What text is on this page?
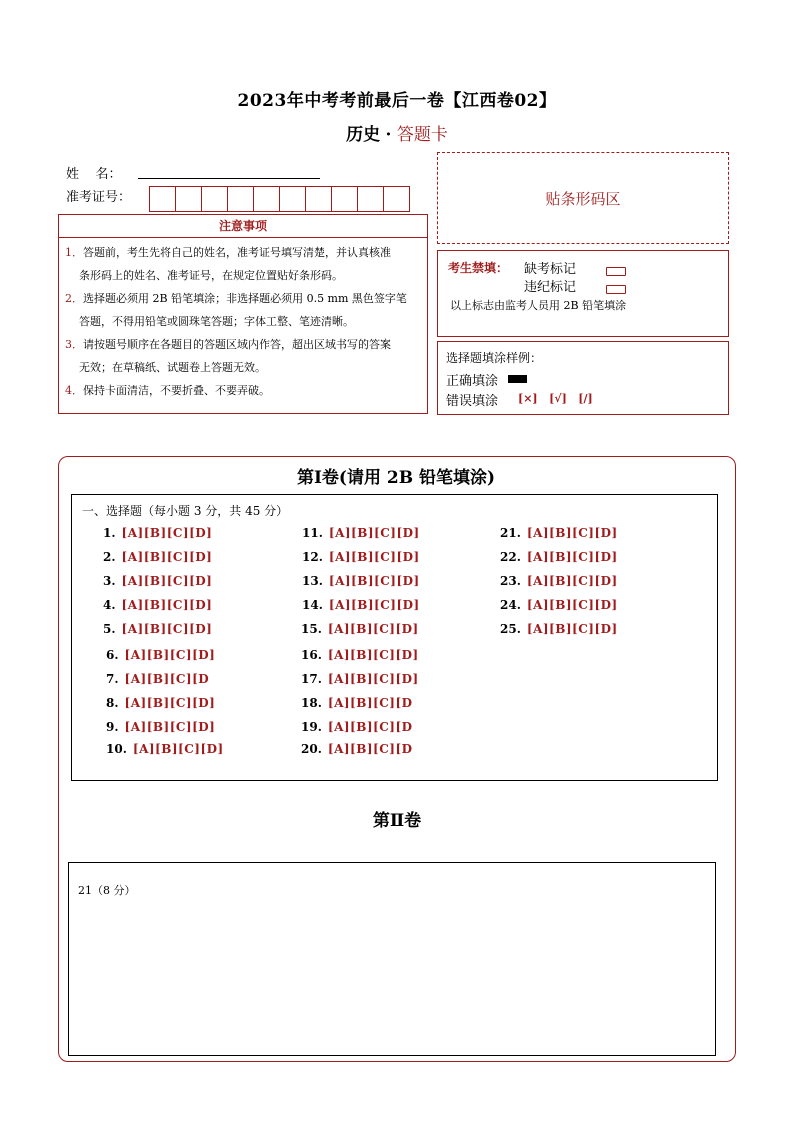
2023年中考考前最后一卷【江西卷02】
历史 · 答题卡
姓    名：
准考证号：	贴条形码区
注意事项
1．答题前，考生先将自己的姓名，准考证号填写清楚，并认真核准
条形码上的姓名、准考证号，在规定位置贴好条形码。
2．选择题必须用 2B 铅笔填涂；非选择题必须用 0.5 mm 黑色签字笔
答题，不得用铅笔或圆珠笔答题；字体工整、笔迹清晰。
3．请按题号顺序在各题目的答题区域内作答，超出区域书写的答案
无效；在草稿纸、试题卷上答题无效。
4．保持卡面清洁，不要折叠、不要弄破。
考生禁填： 缺考标记
违纪标记
以上标志由监考人员用 2B 铅笔填涂
选择题填涂样例：
正确填涂
错误填涂 [×] [√] [/]
第Ⅰ卷(请用 2B 铅笔填涂)
一、选择题（每小题 3 分，共 45 分）
1. [A][B][C][D]
2. [A][B][C][D]
3. [A][B][C][D]
4. [A][B][C][D]
5. [A][B][C][D]
6. [A][B][C][D]
7. [A][B][C][D
8. [A][B][C][D]
9. [A][B][C][D]
10. [A][B][C][D]
11. [A][B][C][D]
12. [A][B][C][D]
13. [A][B][C][D]
14. [A][B][C][D]
15. [A][B][C][D]
16. [A][B][C][D]
17. [A][B][C][D]
18. [A][B][C][D
19. [A][B][C][D
20. [A][B][C][D
21. [A][B][C][D]
22. [A][B][C][D]
23. [A][B][C][D]
24. [A][B][C][D]
25. [A][B][C][D]
第Ⅱ卷
21（8 分）
